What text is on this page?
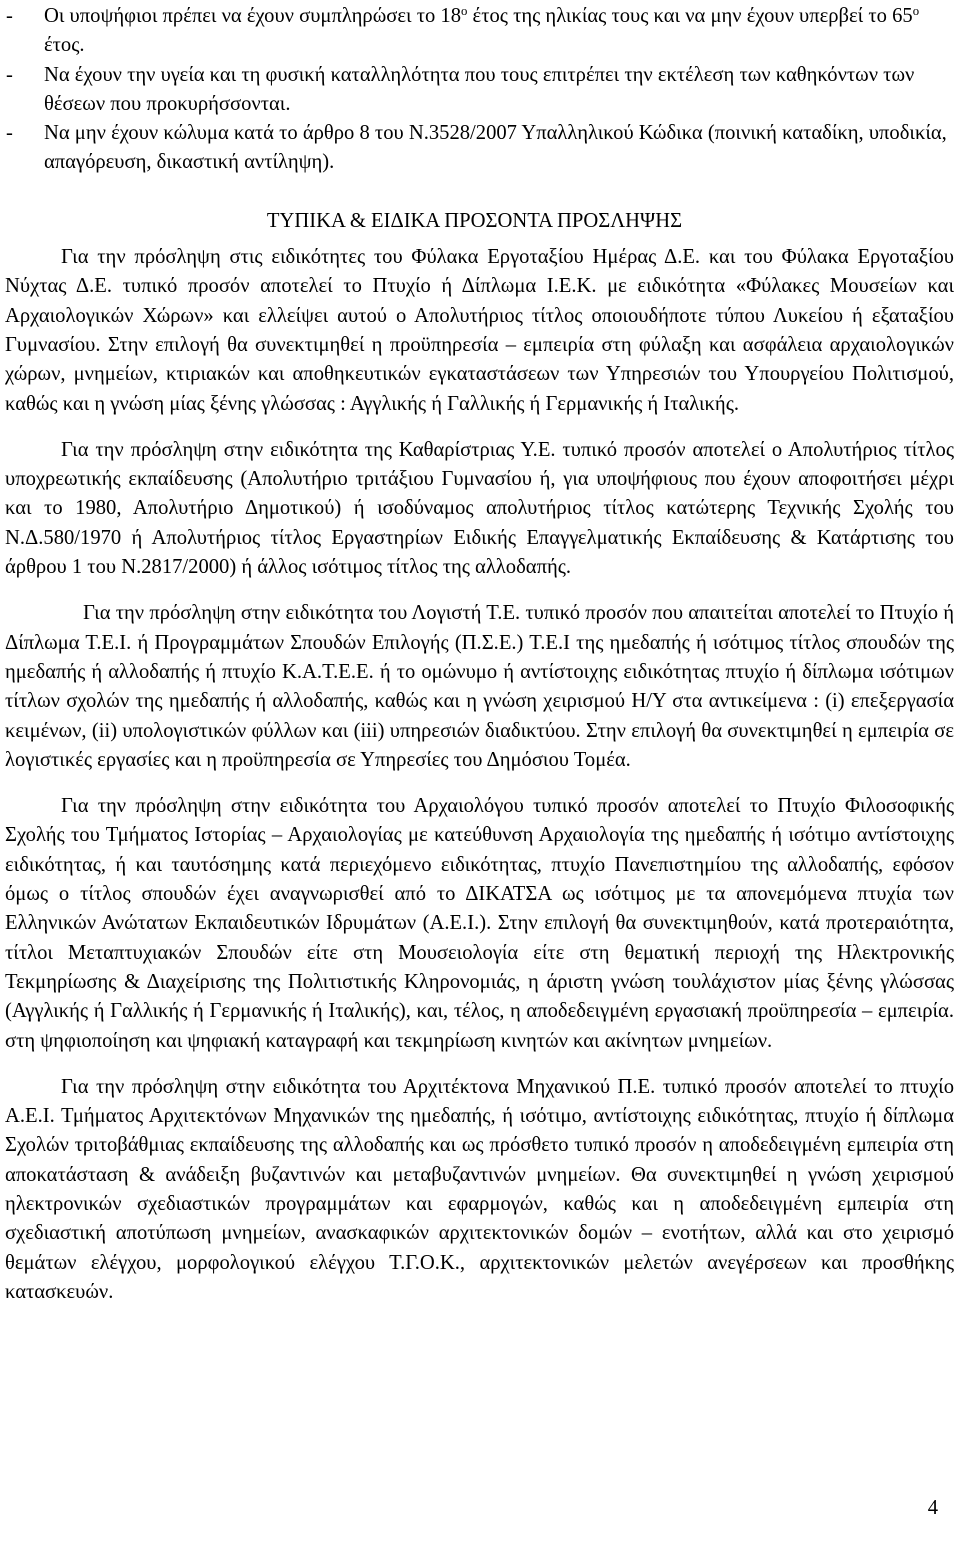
-	Οι υποψήφιοι πρέπει να έχουν συμπληρώσει το $18^o$ έτος της ηλικίας τους και να μην έχουν υπερβεί το $65^o$ έτος.
-	Να έχουν την υγεία και τη φυσική καταλληλότητα που τους επιτρέπει την εκτέλεση των καθηκόντων των θέσεων που προκυρήσσονται.
-	Να μην έχουν κώλυμα κατά το άρθρο 8 του Ν.3528/2007 Υπαλληλικού Κώδικα (ποινική καταδίκη, υποδικία, απαγόρευση, δικαστική αντίληψη).
ΤΥΠΙΚΑ & ΕΙΔΙΚΑ ΠΡΟΣΟΝΤΑ ΠΡΟΣΛΗΨΗΣ

Για την πρόσληψη στις ειδικότητες του Φύλακα Εργοταξίου Ημέρας Δ.Ε. και του Φύλακα Εργοταξίου Νύχτας Δ.Ε. τυπικό προσόν αποτελεί το Πτυχίο ή Δίπλωμα Ι.Ε.Κ. με ειδικότητα «Φύλακες Μουσείων και Αρχαιολογικών Χώρων» και ελλείψει αυτού ο Απολυτήριος τίτλος οποιουδήποτε τύπου Λυκείου ή εξαταξίου Γυμνασίου. Στην επιλογή θα συνεκτιμηθεί η προϋπηρεσία – εμπειρία στη φύλαξη και ασφάλεια αρχαιολογικών χώρων, μνημείων, κτιριακών και αποθηκευτικών εγκαταστάσεων των Υπηρεσιών του Υπουργείου Πολιτισμού, καθώς και η γνώση μίας ξένης γλώσσας : Αγγλικής ή Γαλλικής ή Γερμανικής ή Ιταλικής.

Για την πρόσληψη στην ειδικότητα της Καθαρίστριας Υ.Ε. τυπικό προσόν αποτελεί ο Απολυτήριος τίτλος υποχρεωτικής εκπαίδευσης (Απολυτήριο τριτάξιου Γυμνασίου ή, για υποψήφιους που έχουν αποφοιτήσει μέχρι και το 1980, Απολυτήριο Δημοτικού) ή ισοδύναμος απολυτήριος τίτλος κατώτερης Τεχνικής Σχολής του Ν.Δ.580/1970 ή Απολυτήριος τίτλος Εργαστηρίων Ειδικής Επαγγελματικής Εκπαίδευσης & Κατάρτισης του άρθρου 1 του Ν.2817/2000) ή άλλος ισότιμος τίτλος της αλλοδαπής.

Για την πρόσληψη στην ειδικότητα του Λογιστή Τ.Ε. τυπικό προσόν που απαιτείται αποτελεί το Πτυχίο ή Δίπλωμα Τ.Ε.Ι. ή Προγραμμάτων Σπουδών Επιλογής (Π.Σ.Ε.) Τ.Ε.Ι της ημεδαπής ή ισότιμος τίτλος σπουδών της ημεδαπής ή αλλοδαπής ή πτυχίο Κ.Α.Τ.Ε.Ε. ή το ομώνυμο ή αντίστοιχης ειδικότητας πτυχίο ή δίπλωμα ισότιμων τίτλων σχολών της ημεδαπής ή αλλοδαπής, καθώς και η γνώση χειρισμού Η/Υ στα αντικείμενα : (i) επεξεργασία κειμένων, (ii) υπολογιστικών φύλλων και (iii) υπηρεσιών διαδικτύου. Στην επιλογή θα συνεκτιμηθεί η εμπειρία σε λογιστικές εργασίες και η προϋπηρεσία σε Υπηρεσίες του Δημόσιου Τομέα.

Για την πρόσληψη στην ειδικότητα του Αρχαιολόγου τυπικό προσόν αποτελεί το Πτυχίο Φιλοσοφικής Σχολής του Τμήματος Ιστορίας – Αρχαιολογίας με κατεύθυνση Αρχαιολογία της ημεδαπής ή ισότιμο αντίστοιχης ειδικότητας, ή και ταυτόσημης κατά περιεχόμενο ειδικότητας, πτυχίο Πανεπιστημίου της αλλοδαπής, εφόσον όμως ο τίτλος σπουδών έχει αναγνωρισθεί από το ΔΙΚΑΤΣΑ ως ισότιμος με τα απονεμόμενα πτυχία των Ελληνικών Ανώτατων Εκπαιδευτικών Ιδρυμάτων (Α.Ε.Ι.). Στην επιλογή θα συνεκτιμηθούν, κατά προτεραιότητα, τίτλοι Μεταπτυχιακών Σπουδών είτε στη Μουσειολογία είτε στη θεματική περιοχή της Ηλεκτρονικής Τεκμηρίωσης & Διαχείρισης της Πολιτιστικής Κληρονομιάς, η άριστη γνώση τουλάχιστον μίας ξένης γλώσσας (Αγγλικής ή Γαλλικής ή Γερμανικής ή Ιταλικής), και, τέλος, η αποδεδειγμένη εργασιακή προϋπηρεσία – εμπειρία. στη ψηφιοποίηση και ψηφιακή καταγραφή και τεκμηρίωση κινητών και ακίνητων μνημείων.

Για την πρόσληψη στην ειδικότητα του Αρχιτέκτονα Μηχανικού Π.Ε. τυπικό προσόν αποτελεί το πτυχίο Α.Ε.Ι. Τμήματος Αρχιτεκτόνων Μηχανικών της ημεδαπής, ή ισότιμο, αντίστοιχης ειδικότητας, πτυχίο ή δίπλωμα Σχολών τριτοβάθμιας εκπαίδευσης της αλλοδαπής και ως πρόσθετο τυπικό προσόν η αποδεδειγμένη εμπειρία στη αποκατάσταση & ανάδειξη βυζαντινών και μεταβυζαντινών μνημείων. Θα συνεκτιμηθεί η γνώση χειρισμού ηλεκτρονικών σχεδιαστικών προγραμμάτων και εφαρμογών, καθώς και η αποδεδειγμένη εμπειρία στη σχεδιαστική αποτύπωση μνημείων, ανασκαφικών αρχιτεκτονικών δομών – ενοτήτων, αλλά και στο χειρισμό θεμάτων ελέγχου, μορφολογικού ελέγχου Τ.Γ.Ο.Κ., αρχιτεκτονικών μελετών ανεγέρσεων και προσθήκης κατασκευών.

4
